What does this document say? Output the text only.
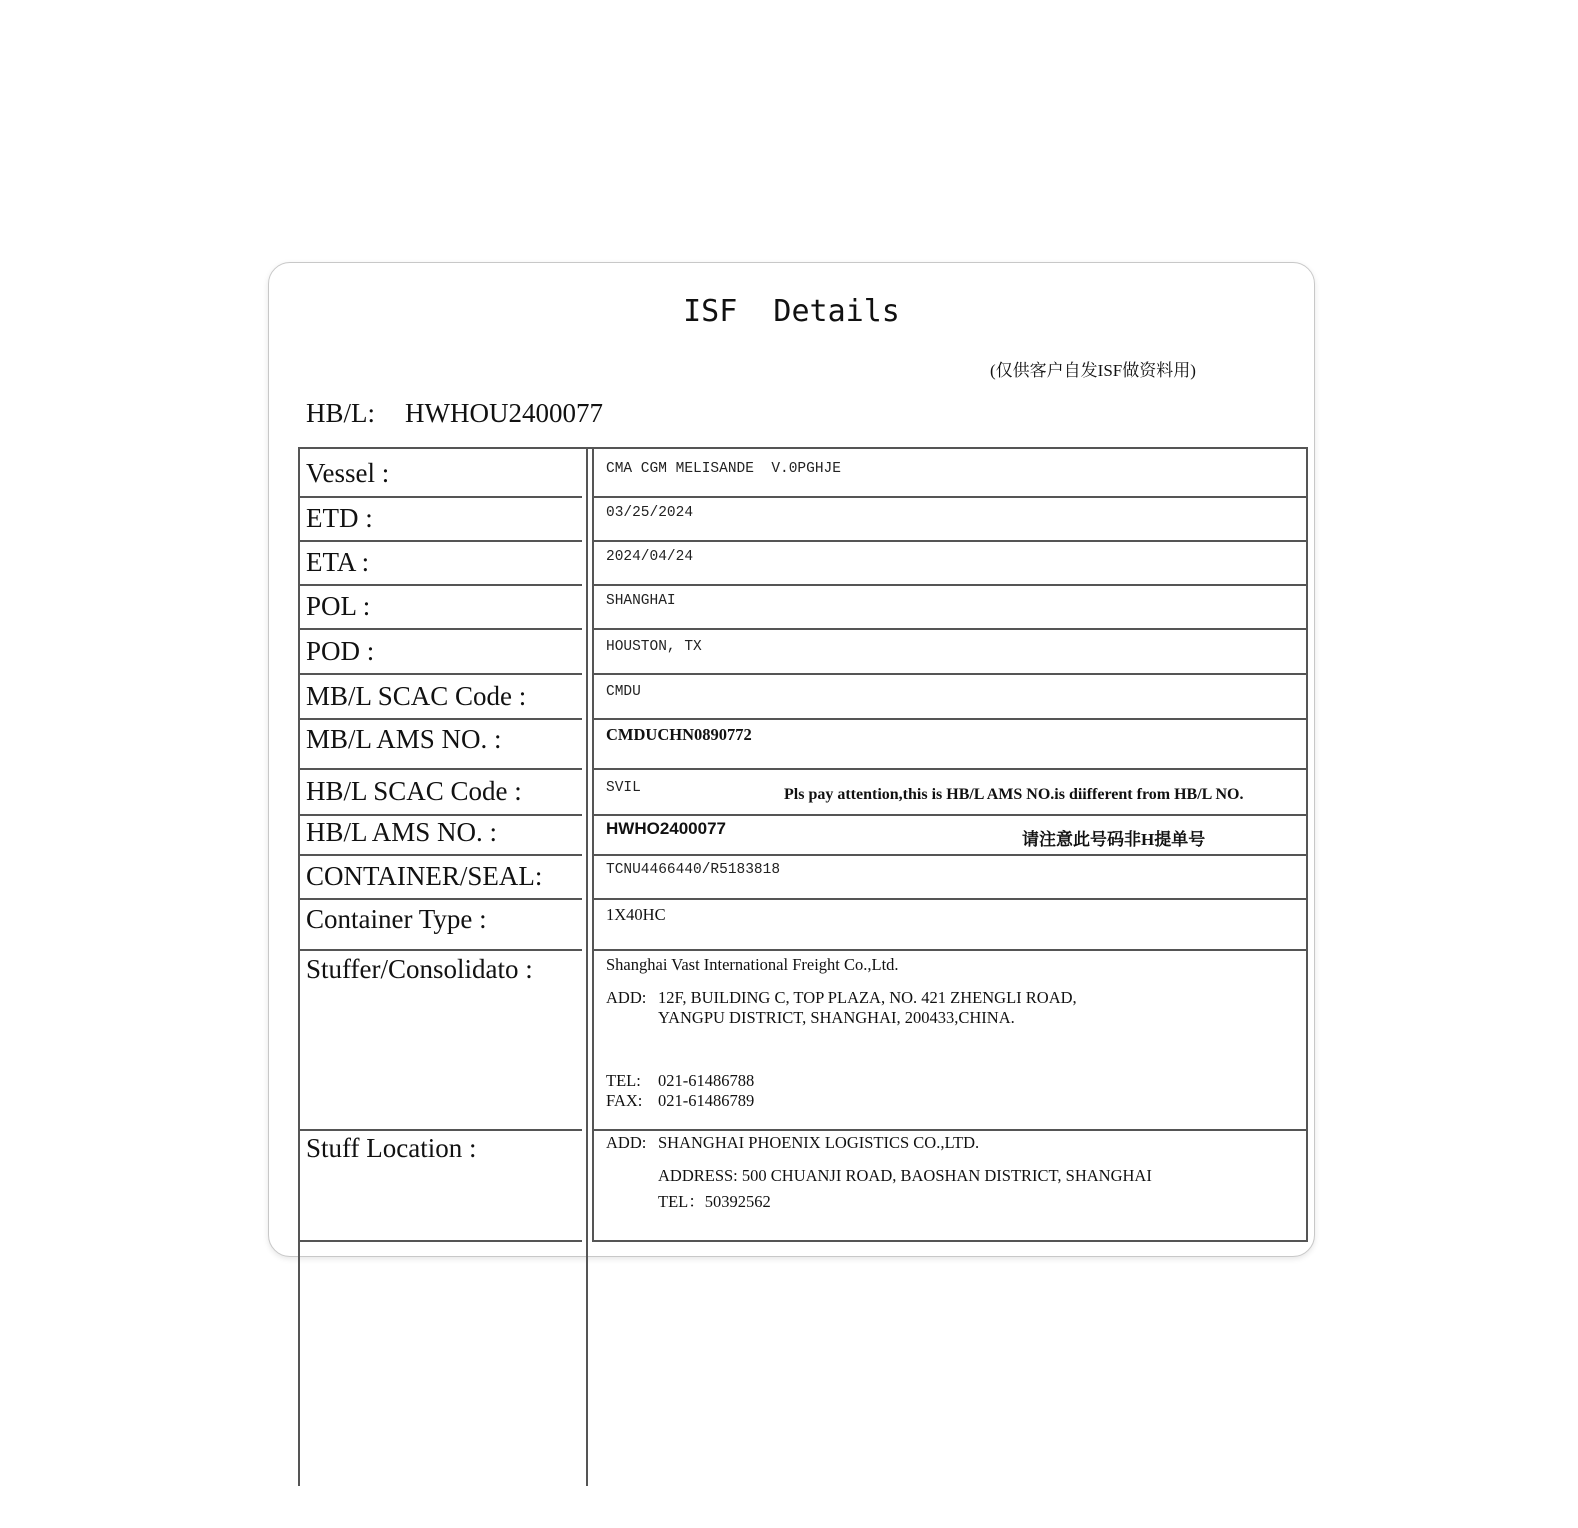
ISF  Details
(仅供客户自发ISF做资料用)
HB/L: HWHOU2400077
Vessel :	CMA CGM MELISANDE  V.0PGHJE
ETD :	03/25/2024
ETA :	2024/04/24
POL :	SHANGHAI
POD :	HOUSTON, TX
MB/L SCAC Code :	CMDU
MB/L AMS NO. :	CMDUCHN0890772
HB/L SCAC Code :	SVIL	Pls pay attention,this is HB/L AMS NO.is diifferent from HB/L NO.
HB/L AMS NO. :	HWHO2400077
请注意此号码非H提单号
CONTAINER/SEAL:	TCNU4466440/R5183818
Container Type :	1X40HC
Stuffer/Consolidato :	Shanghai Vast International Freight Co.,Ltd.
ADD: 12F, BUILDING C, TOP PLAZA, NO. 421 ZHENGLI ROAD,
YANGPU DISTRICT, SHANGHAI, 200433,CHINA.
TEL: 021-61486788
FAX: 021-61486789
Stuff Location :	ADD: SHANGHAI PHOENIX LOGISTICS CO.,LTD.
ADDRESS: 500 CHUANJI ROAD, BAOSHAN DISTRICT, SHANGHAI
TEL：50392562
